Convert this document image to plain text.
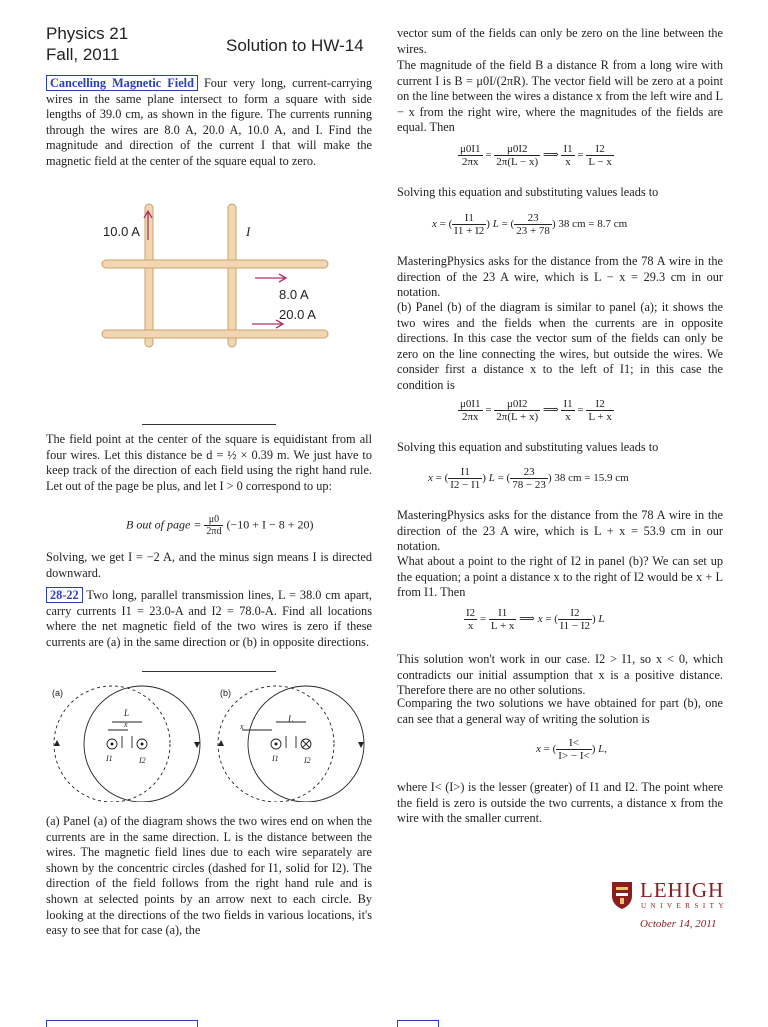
Physics 21
Fall, 2011	Solution to HW-14
Cancelling Magnetic Field Four very long, current-carrying wires in the same plane intersect to form a square with side lengths of 39.0 cm, as shown in the figure. The currents running through the wires are 8.0 A, 20.0 A, 10.0 A, and I. Find the magnitude and direction of the current I that will make the magnetic field at the center of the square equal to zero.
10.0 A	I
8.0 A
20.0 A
The field point at the center of the square is equidistant from all four wires. Let this distance be d = ½ × 0.39 m. We just have to keep track of the direction of each field using the right hand rule. Let out of the page be plus, and let I > 0 correspond to up:
B out of page = $\frac{\mu 0}{2\pi d} (-10 + I - 8 + 20)$
Solving, we get I = −2 A, and the minus sign means I is directed downward.
28-22 Two long, parallel transmission lines, L = 38.0 cm apart, carry currents I1 = 23.0-A and I2 = 78.0-A. Find all locations where the net magnetic field of the two wires is zero if these currents are (a) in the same direction or (b) in opposite directions.
(a)	(b)
L
x
L
x
I1	I2	I1	I2
(a) Panel (a) of the diagram shows the two wires end on when the currents are in the same direction. L is the distance between the wires. The magnetic field lines due to each wire separately are shown by the concentric circles (dashed for I1, solid for I2). The direction of the field follows from the right hand rule and is shown at selected points by an arrow next to each circle. By looking at the directions of the two fields in various locations, it's easy to see that for case (a), the
vector sum of the fields can only be zero on the line between the wires.
The magnitude of the field B a distance R from a long wire with current I is B = μ0I/(2πR). The vector field will be zero at a point on the line between the wires a distance x from the left wire and L − x from the right wire, where the magnitudes of the fields are equal. Then
$\frac{\mu 0I1}{2\pi x} = \frac{\mu 0I2}{2\pi(L - x)}$ ⟹ $\frac{I1}{x} = \frac{I2}{L - x}$
Solving this equation and substituting values leads to
x = ( $\frac{I1}{I1 + I2}$ ) L = ( $\frac{23}{23 + 78}$ ) 38 cm = 8.7 cm
MasteringPhysics asks for the distance from the 78 A wire in the direction of the 23 A wire, which is L − x = 29.3 cm in our notation.
(b) Panel (b) of the diagram is similar to panel (a); it shows the two wires and the fields when the currents are in opposite directions. In this case the vector sum of the fields can only be zero on the line connecting the wires, but outside the wires. We consider first a distance x to the left of I1; in this case the condition is
$\frac{\mu 0I1}{2\pi x} = \frac{\mu 0I2}{2\pi(L + x)}$ ⟹ $\frac{I1}{x} = \frac{I2}{L + x}$
Solving this equation and substituting values leads to
x = ( $\frac{I1}{I2 - I1}$ ) L = ( $\frac{23}{78 - 23}$ ) 38 cm = 15.9 cm
MasteringPhysics asks for the distance from the 78 A wire in the direction of the 23 A wire, which is L + x = 53.9 cm in our notation.
What about a point to the right of I2 in panel (b)? We can set up the equation; a point a distance x to the right of I2 would be x + L from I1. Then
$\frac{I2}{x} = \frac{I1}{L + x}$ ⟹ x = ( $\frac{I2}{I1 - I2}$ ) L
This solution won't work in our case. I2 > I1, so x < 0, which contradicts our initial assumption that x is a positive distance. Therefore there are no other solutions.
Comparing the two solutions we have obtained for part (b), one can see that a general way of writing the solution is
x = ( $\frac{I<}{I> - I<}$ ) L,
where I< (I>) is the lesser (greater) of I1 and I2. The point where the field is zero is outside the two currents, a distance x from the wire with the smaller current.
LEHIGH
UNIVERSITY
October 14, 2011
